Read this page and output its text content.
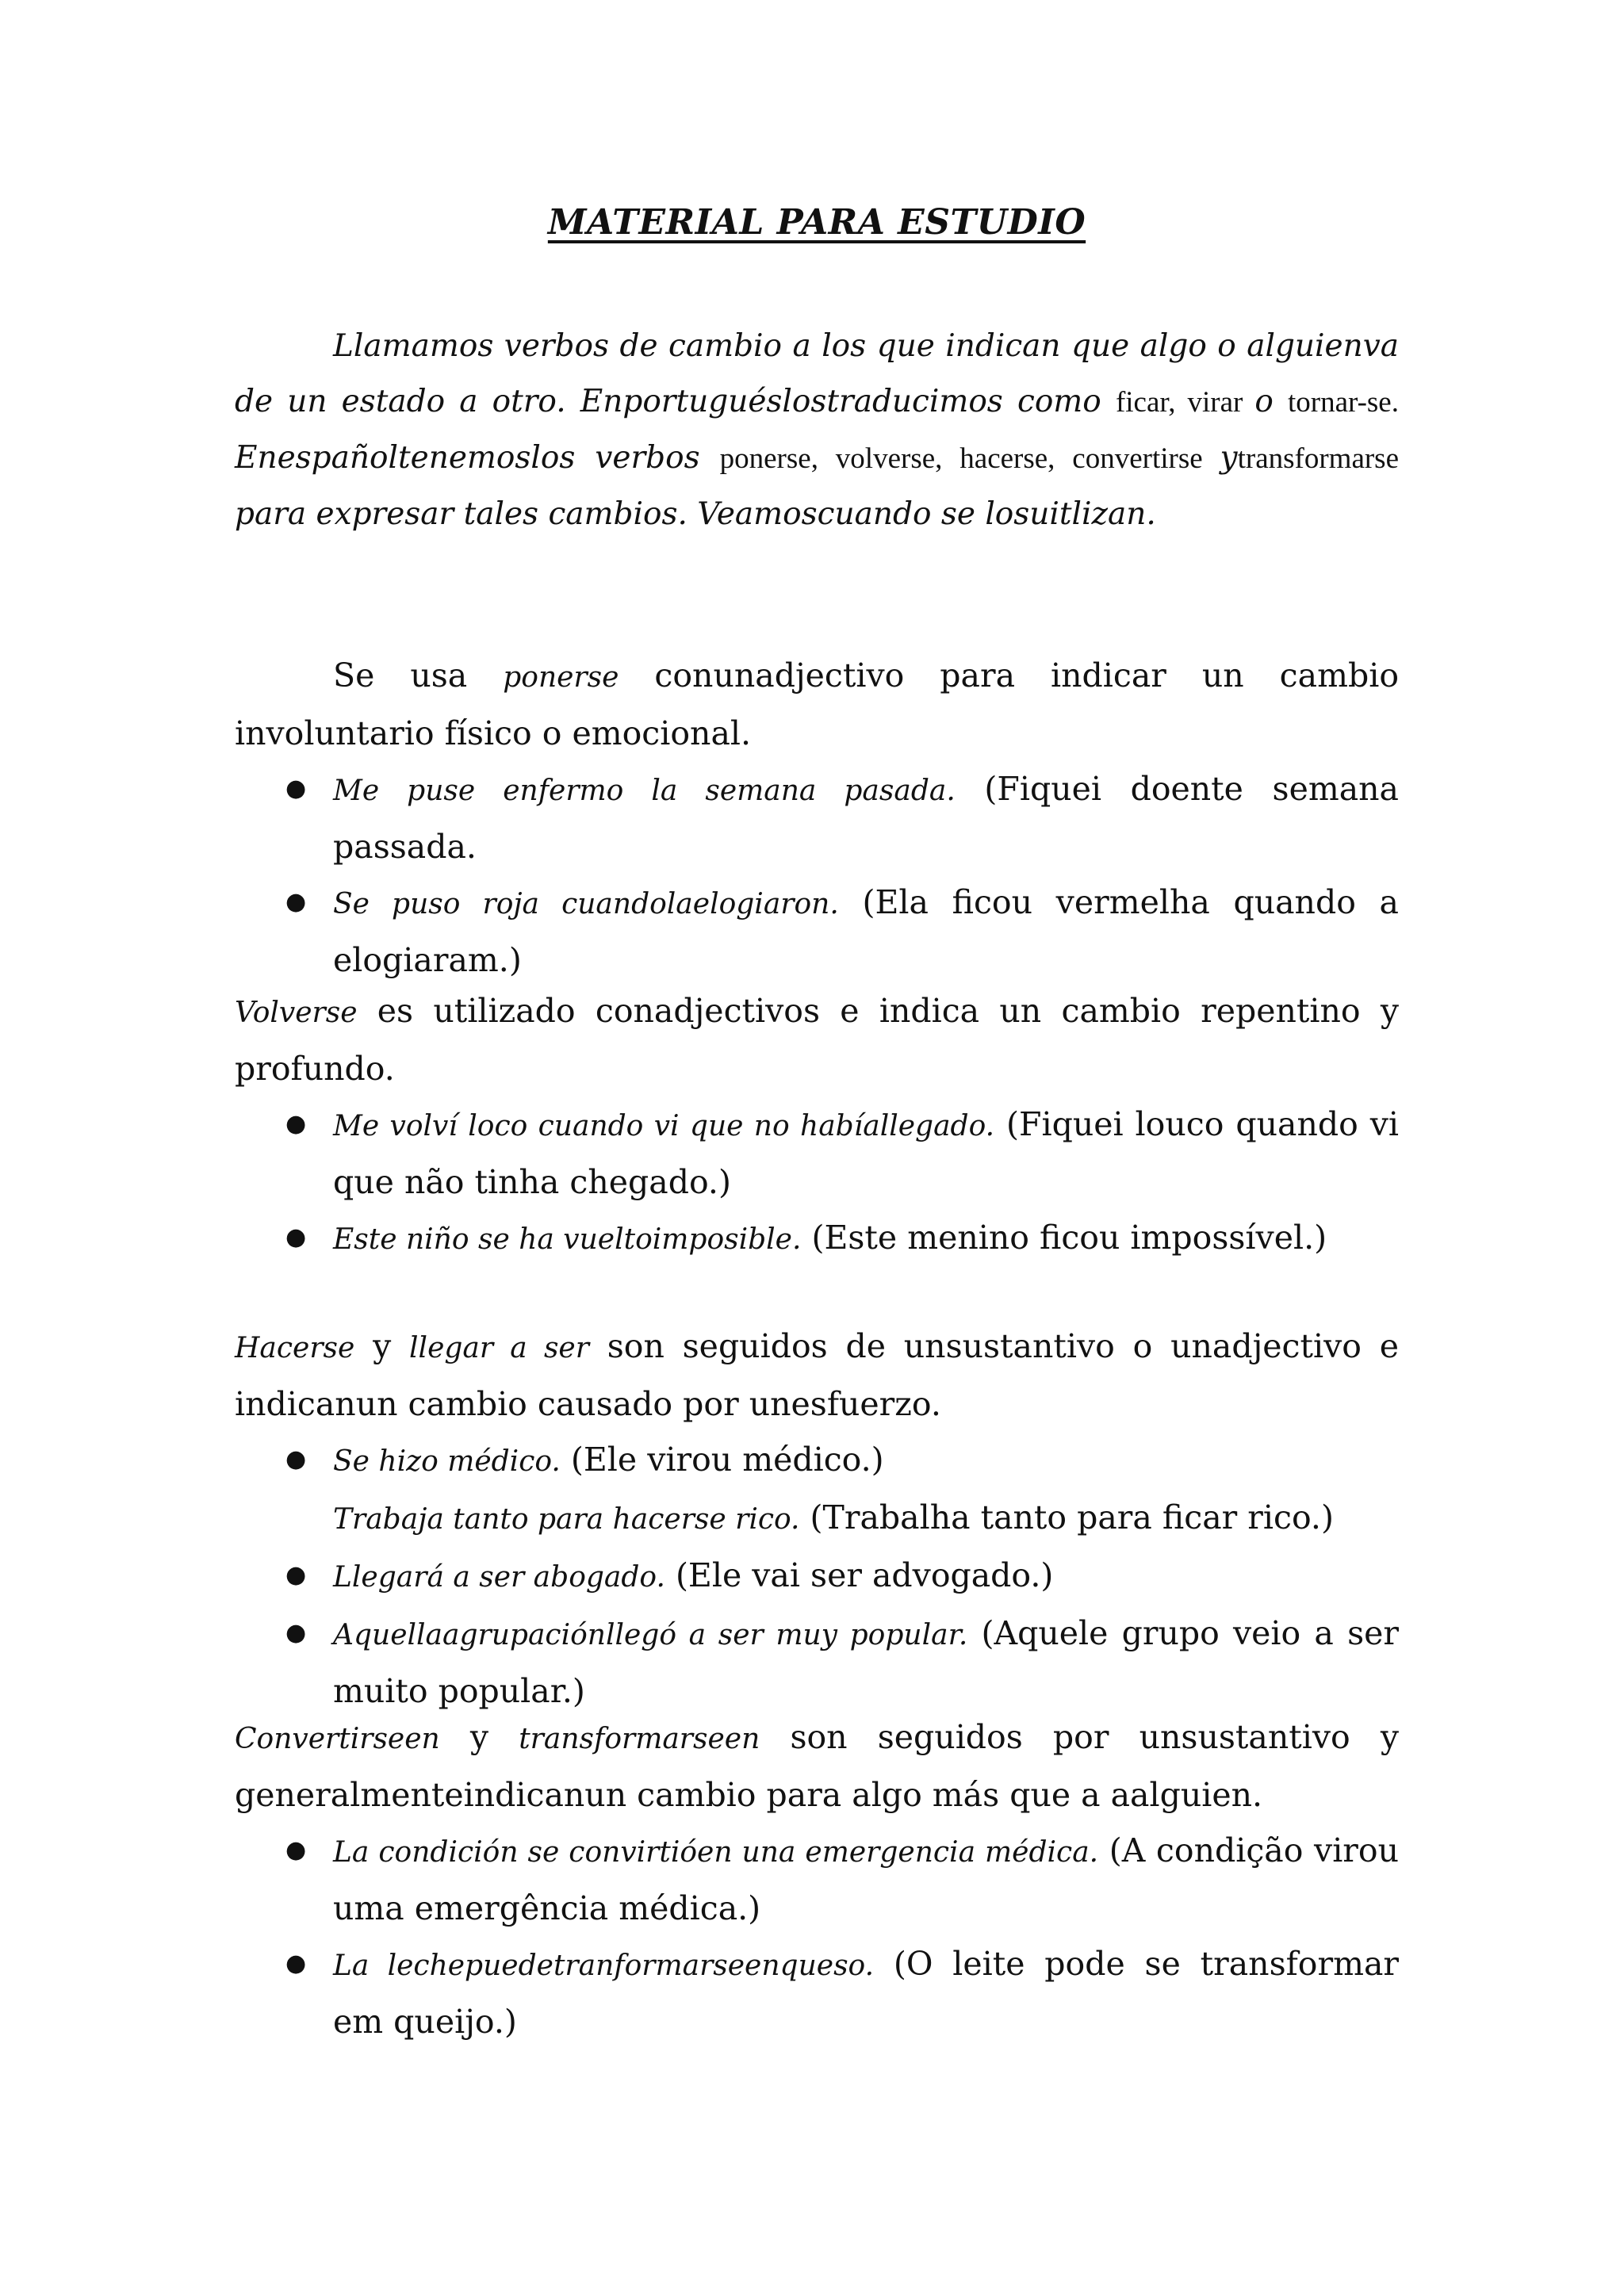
MATERIAL PARA ESTUDIO
Llamamos verbos de cambio a los que indican que algo o alguienva de un estado a otro. Enportuguéslostraducimos como ficar, virar o tornar-se. Enespañoltenemoslos verbos ponerse, volverse, hacerse, convertirse ytransformarse para expresar tales cambios. Veamoscuando se losuitlizan.
Se usa ponerse conunadjectivo para indicar un cambio involuntario físico o emocional.
● Me puse enfermo la semana pasada. (Fiquei doente semana passada.
● Se puso roja cuandolaelogiaron. (Ela ficou vermelha quando a elogiaram.)
Volverse es utilizado conadjectivos e indica un cambio repentino y profundo.
● Me volví loco cuando vi que no habíallegado. (Fiquei louco quando vi que não tinha chegado.)
● Este niño se ha vueltoimposible. (Este menino ficou impossível.)
Hacerse y llegar a ser son seguidos de unsustantivo o unadjectivo e indicanun cambio causado por unesfuerzo.
● Se hizo médico. (Ele virou médico.)
Trabaja tanto para hacerse rico. (Trabalha tanto para ficar rico.)
● Llegará a ser abogado. (Ele vai ser advogado.)
● Aquellaagrupaciónllegó a ser muy popular. (Aquele grupo veio a ser muito popular.)
Convertirseen y transformarseen son seguidos por unsustantivo y generalmenteindicanun cambio para algo más que a aalguien.
● La condición se convirtióen una emergencia médica. (A condição virou uma emergência médica.)
● La lechepuedetranformarseenqueso. (O leite pode se transformar em queijo.)
